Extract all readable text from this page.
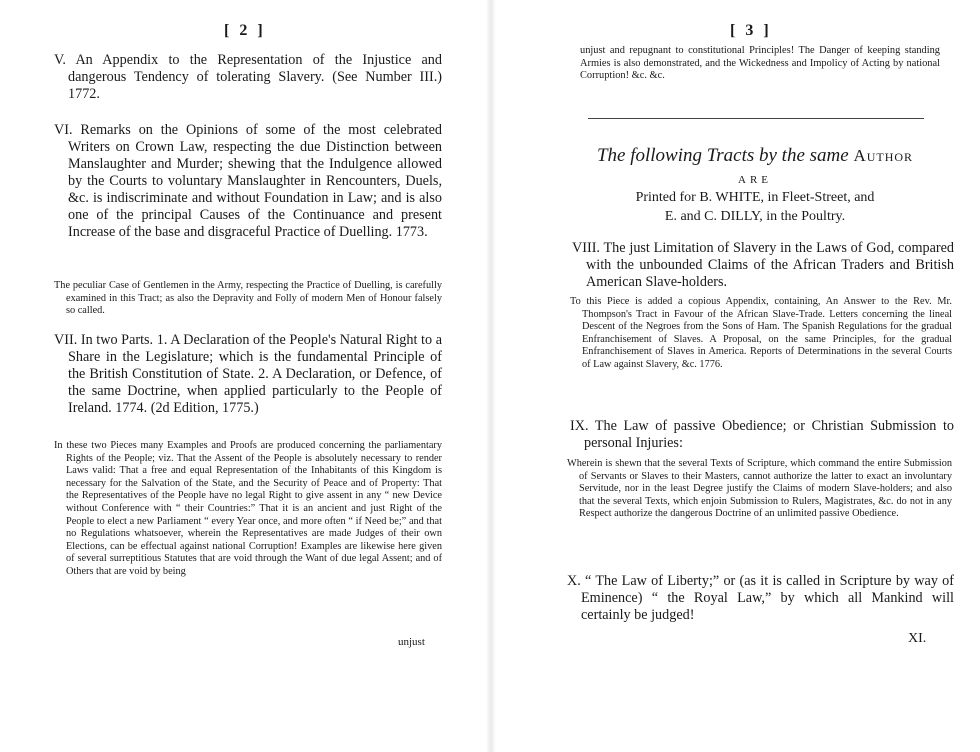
[ 2 ]

V. An Appendix to the Representation of the Injustice and dangerous Tendency of tolerating Slavery. (See Number III.) 1772.

VI. Remarks on the Opinions of some of the most celebrated Writers on Crown Law, respecting the due Distinction between Manslaughter and Murder; shewing that the Indulgence allowed by the Courts to voluntary Manslaughter in Rencounters, Duels, &c. is indiscriminate and without Foundation in Law; and is also one of the principal Causes of the Continuance and present Increase of the base and disgraceful Practice of Duelling. 1773.

The peculiar Case of Gentlemen in the Army, respecting the Practice of Duelling, is carefully examined in this Tract; as also the Depravity and Folly of modern Men of Honour falsely so called.

VII. In two Parts. 1. A Declaration of the People's Natural Right to a Share in the Legislature; which is the fundamental Principle of the British Constitution of State. 2. A Declaration, or Defence, of the same Doctrine, when applied particularly to the People of Ireland. 1774. (2d Edition, 1775.)

In these two Pieces many Examples and Proofs are produced concerning the parliamentary Rights of the People; viz. That the Assent of the People is absolutely necessary to render Laws valid: That a free and equal Representation of the Inhabitants of this Kingdom is necessary for the Salvation of the State, and the Security of Peace and of Property: That the Representatives of the People have no legal Right to give assent in any “ new Device without Conference with “ their Countries:” That it is an ancient and just Right of the People to elect a new Parliament “ every Year once, and more often “ if Need be;” and that no Regulations whatsoever, wherein the Representatives are made Judges of their own Elections, can be effectual against national Corruption! Examples are likewise here given of several surreptitious Statutes that are void through the Want of due legal Assent; and of Others that are void by being

unjust
[ 3 ]

unjust and repugnant to constitutional Principles! The Danger of keeping standing Armies is also demonstrated, and the Wickedness and Impolicy of Acting by national Corruption! &c. &c.

The following Tracts by the same Author
ARE
Printed for B. WHITE, in Fleet-Street, and
E. and C. DILLY, in the Poultry.

VIII. The just Limitation of Slavery in the Laws of God, compared with the unbounded Claims of the African Traders and British American Slave-holders.

To this Piece is added a copious Appendix, containing, An Answer to the Rev. Mr. Thompson's Tract in Favour of the African Slave-Trade. Letters concerning the lineal Descent of the Negroes from the Sons of Ham. The Spanish Regulations for the gradual Enfranchisement of Slaves. A Proposal, on the same Principles, for the gradual Enfranchisement of Slaves in America. Reports of Determinations in the several Courts of Law against Slavery, &c. 1776.

IX. The Law of passive Obedience; or Christian Submission to personal Injuries:

Wherein is shewn that the several Texts of Scripture, which command the entire Submission of Servants or Slaves to their Masters, cannot authorize the latter to exact an involuntary Servitude, nor in the least Degree justify the Claims of modern Slave-holders; and also that the several Texts, which enjoin Submission to Rulers, Magistrates, &c. do not in any Respect authorize the dangerous Doctrine of an unlimited passive Obedience.

X. “ The Law of Liberty;” or (as it is called in Scripture by way of Eminence) “ the Royal Law,” by which all Mankind will certainly be judged!

XI.
